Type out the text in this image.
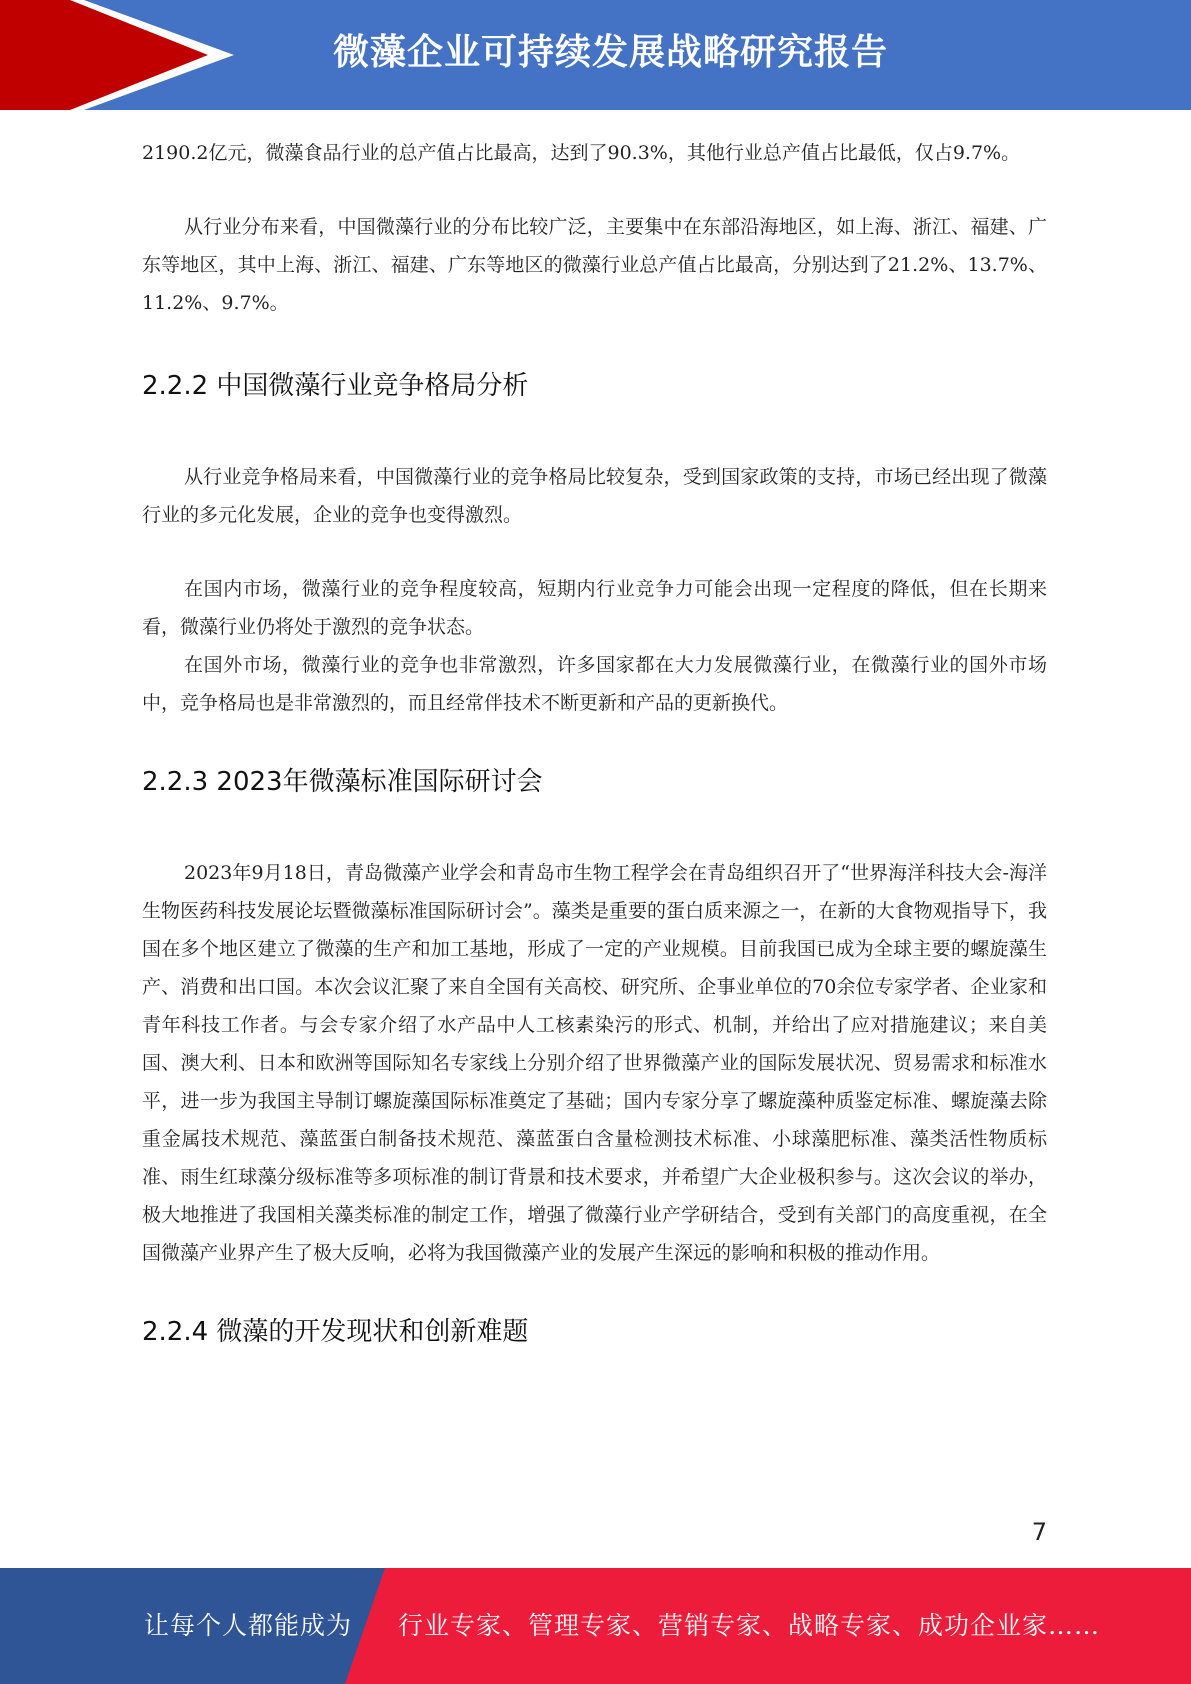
微藻企业可持续发展战略研究报告

2190.2亿元，微藻食品行业的总产值占比最高，达到了90.3%，其他行业总产值占比最低，仅占9.7%。

从行业分布来看，中国微藻行业的分布比较广泛，主要集中在东部沿海地区，如上海、浙江、福建、广东等地区，其中上海、浙江、福建、广东等地区的微藻行业总产值占比最高，分别达到了21.2%、13.7%、11.2%、9.7%。

2.2.2 中国微藻行业竞争格局分析

从行业竞争格局来看，中国微藻行业的竞争格局比较复杂，受到国家政策的支持，市场已经出现了微藻行业的多元化发展，企业的竞争也变得激烈。

在国内市场，微藻行业的竞争程度较高，短期内行业竞争力可能会出现一定程度的降低，但在长期来看，微藻行业仍将处于激烈的竞争状态。

在国外市场，微藻行业的竞争也非常激烈，许多国家都在大力发展微藻行业，在微藻行业的国外市场中，竞争格局也是非常激烈的，而且经常伴技术不断更新和产品的更新换代。

2.2.3 2023年微藻标准国际研讨会

2023年9月18日，青岛微藻产业学会和青岛市生物工程学会在青岛组织召开了“世界海洋科技大会-海洋生物医药科技发展论坛暨微藻标准国际研讨会”。藻类是重要的蛋白质来源之一，在新的大食物观指导下，我国在多个地区建立了微藻的生产和加工基地，形成了一定的产业规模。目前我国已成为全球主要的螺旋藻生产、消费和出口国。本次会议汇聚了来自全国有关高校、研究所、企事业单位的70余位专家学者、企业家和青年科技工作者。与会专家介绍了水产品中人工核素染污的形式、机制，并给出了应对措施建议；来自美国、澳大利、日本和欧洲等国际知名专家线上分别介绍了世界微藻产业的国际发展状况、贸易需求和标准水平，进一步为我国主导制订螺旋藻国际标准奠定了基础；国内专家分享了螺旋藻种质鉴定标准、螺旋藻去除重金属技术规范、藻蓝蛋白制备技术规范、藻蓝蛋白含量检测技术标准、小球藻肥标准、藻类活性物质标准、雨生红球藻分级标准等多项标准的制订背景和技术要求，并希望广大企业极积参与。这次会议的举办，极大地推进了我国相关藻类标准的制定工作，增强了微藻行业产学研结合，受到有关部门的高度重视，在全国微藻产业界产生了极大反响，必将为我国微藻产业的发展产生深远的影响和积极的推动作用。

2.2.4 微藻的开发现状和创新难题
7
让每个人都能成为 行业专家、管理专家、营销专家、战略专家、成功企业家……
